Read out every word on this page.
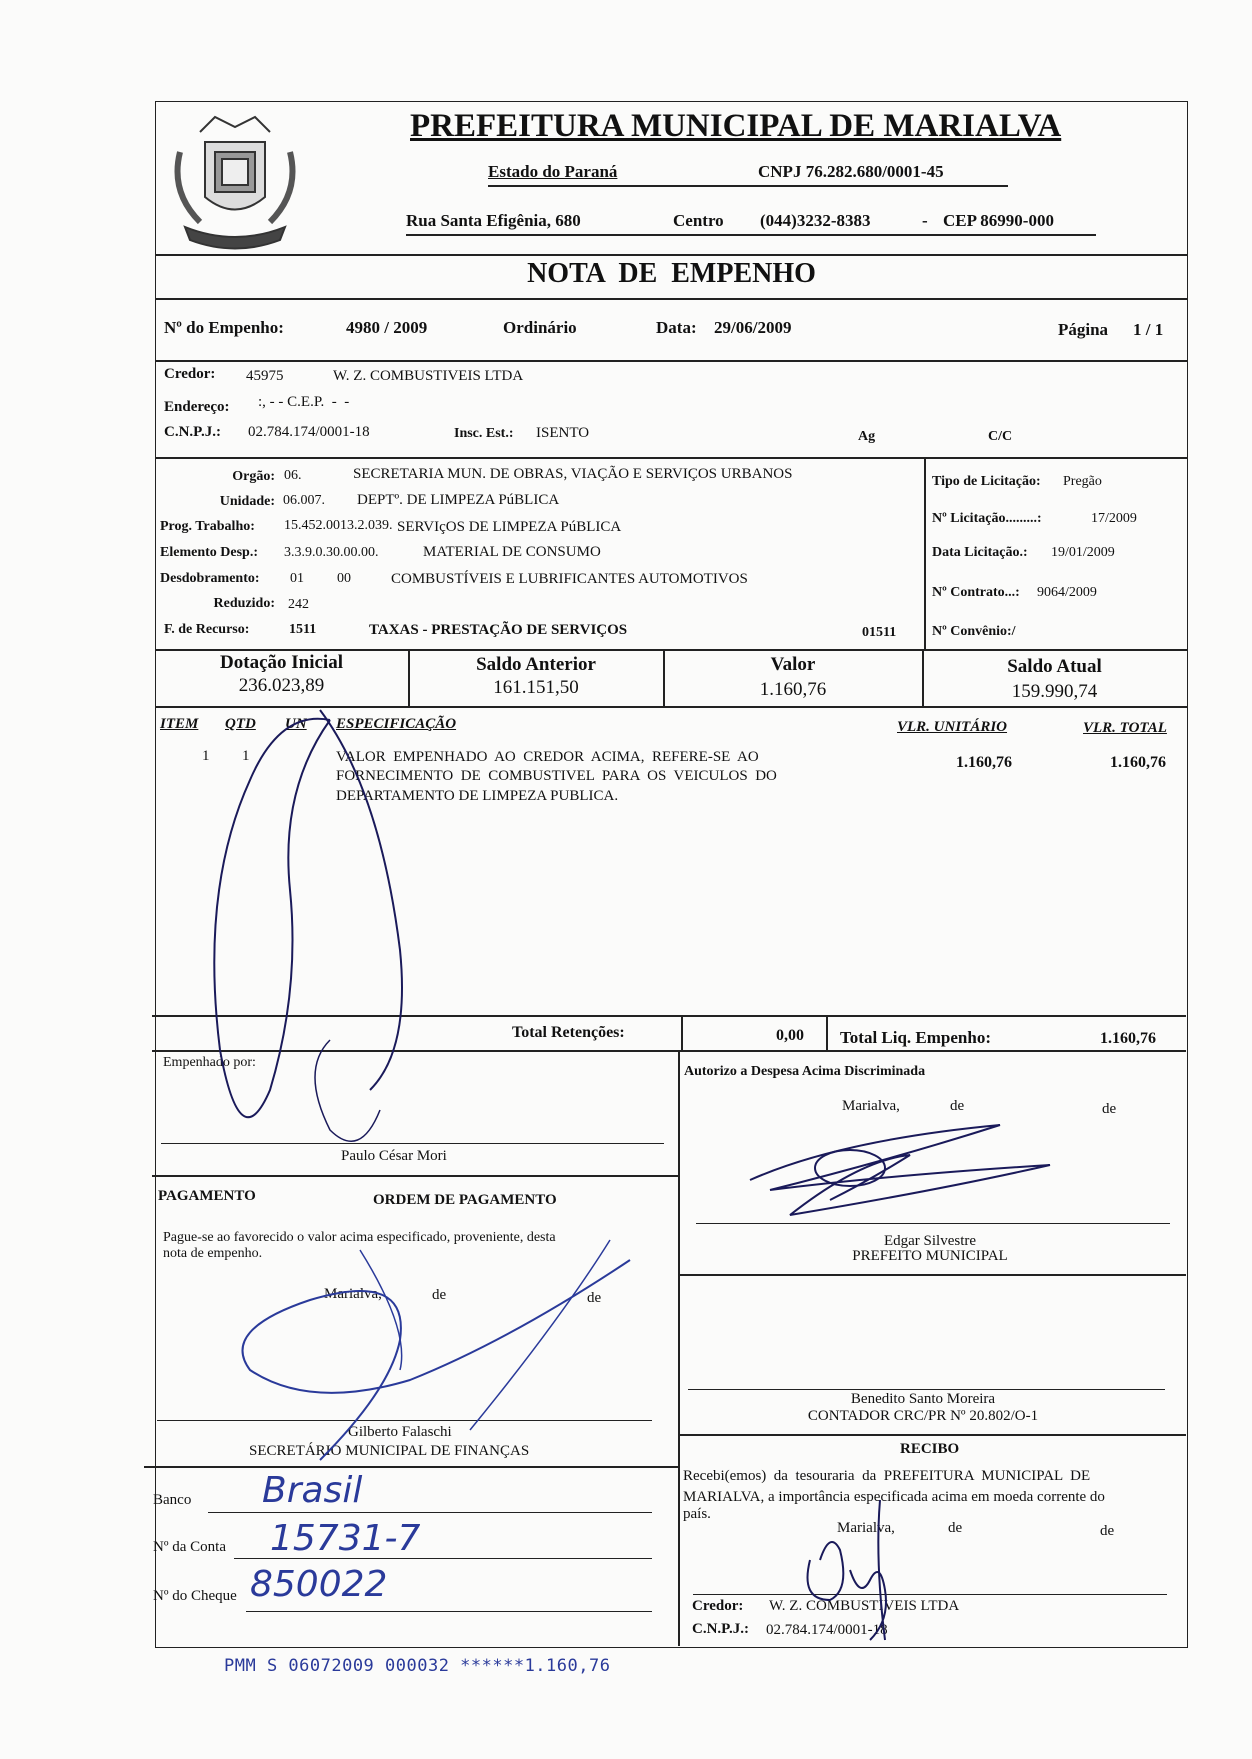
PREFEITURA MUNICIPAL DE MARIALVA
Estado do Paraná	CNPJ 76.282.680/0001-45
Rua Santa Efigênia, 680	Centro (044)3232-8383	- CEP 86990-000
NOTA  DE  EMPENHO
Nº do Empenho:	4980 / 2009	Ordinário	Data: 29/06/2009	Página 1 / 1
Credor: 45975	W. Z. COMBUSTIVEIS LTDA
Endereço: :, - - C.E.P.  -  -
C.N.P.J.: 02.784.174/0001-18	Insc. Est.: ISENTO	Ag	C/C
Orgão: 06.	SECRETARIA MUN. DE OBRAS, VIAÇÃO E SERVIÇOS URBANOS
Unidade: 06.007. DEPTº. DE LIMPEZA PúBLICA
Prog. Trabalho: 15.452.0013.2.039. SERVIçOS DE LIMPEZA PúBLICA
Elemento Desp.: 3.3.9.0.30.00.00.	MATERIAL DE CONSUMO
Desdobramento: 01 00	COMBUSTÍVEIS E LUBRIFICANTES AUTOMOTIVOS
Reduzido: 242
F. de Recurso:	1511	TAXAS - PRESTAÇÃO DE SERVIÇOS	01511
Tipo de Licitação: Pregão
Nº Licitação.........:	17/2009
Data Licitação.: 19/01/2009
Nº Contrato...: 9064/2009
Nº Convênio:/
Dotação Inicial
236.023,89
Saldo Anterior
161.151,50
Valor
1.160,76
Saldo Atual
159.990,74
ITEM QTD UN ESPECIFICAÇÃO	VLR. UNITÁRIO	VLR. TOTAL
1 1	VALOR  EMPENHADO  AO  CREDOR  ACIMA,  REFERE-SE  AO
FORNECIMENTO  DE  COMBUSTIVEL  PARA  OS  VEICULOS  DO
DEPARTAMENTO DE LIMPEZA PUBLICA.
1.160,76	1.160,76
Total Retenções:	0,00 Total Liq. Empenho:	1.160,76
Empenhado por:
Paulo César Mori
Autorizo a Despesa Acima Discriminada
Marialva,	de	de
Edgar Silvestre
PREFEITO MUNICIPAL
PAGAMENTO	ORDEM DE PAGAMENTO
Pague-se ao favorecido o valor acima especificado, proveniente, desta
nota de empenho.
Marialva,	de	de
Gilberto Falaschi
SECRETÁRIO MUNICIPAL DE FINANÇAS
Benedito Santo Moreira
CONTADOR CRC/PR Nº 20.802/O-1
RECIBO
Recebi(emos)  da  tesouraria  da  PREFEITURA  MUNICIPAL  DE
MARIALVA, a importância especificada acima em moeda corrente do
país.
Marialva,	de	de
Credor: W. Z. COMBUSTIVEIS LTDA
C.N.P.J.: 02.784.174/0001-18
Banco Brasil
Nº da Conta 15731-7
Nº do Cheque 850022
PMM S 06072009 000032 ******1.160,76
